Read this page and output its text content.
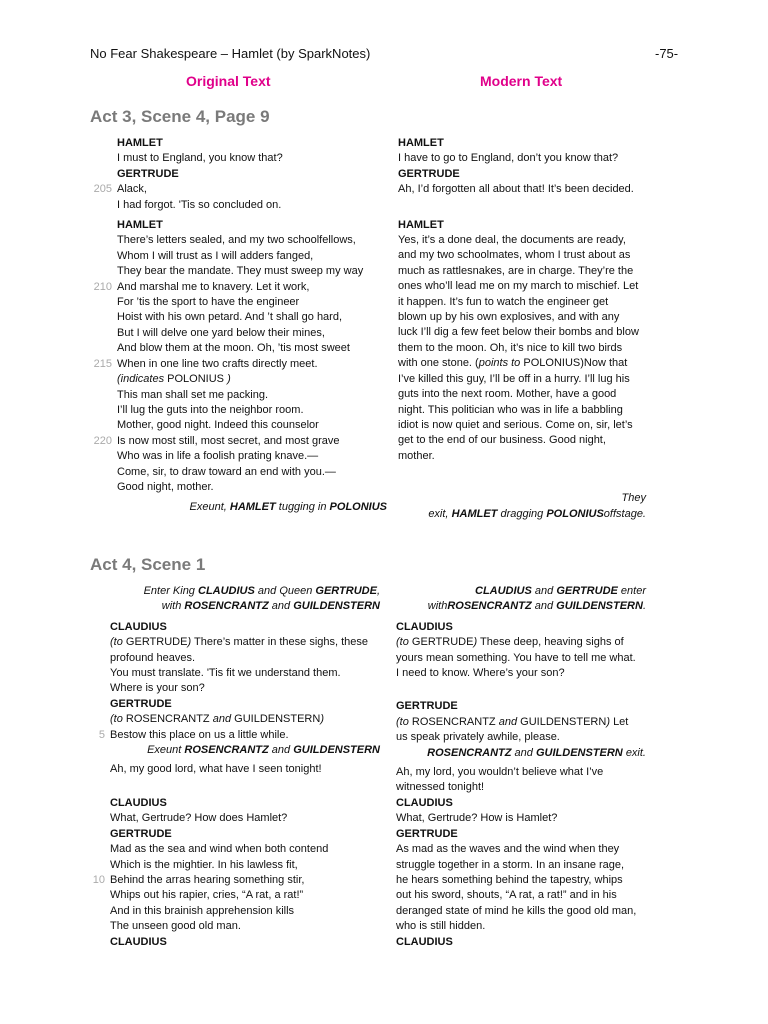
No Fear Shakespeare – Hamlet (by SparkNotes)	-75-
Original Text	Modern Text
Act 3, Scene 4, Page 9
HAMLET
I must to England, you know that?
GERTRUDE
205 Alack,
I had forgot. 'Tis so concluded on.
HAMLET
There’s letters sealed, and my two schoolfellows,
Whom I will trust as I will adders fanged,
They bear the mandate. They must sweep my way
210 And marshal me to knavery. Let it work,
For ’tis the sport to have the engineer
Hoist with his own petard. And ’t shall go hard,
But I will delve one yard below their mines,
And blow them at the moon. Oh, ’tis most sweet
215 When in one line two crafts directly meet.
(indicates POLONIUS )
This man shall set me packing.
I’ll lug the guts into the neighbor room.
Mother, good night. Indeed this counselor
220 Is now most still, most secret, and most grave
Who was in life a foolish prating knave.—
Come, sir, to draw toward an end with you.—
Good night, mother.
Exeunt, HAMLET tugging in POLONIUS
HAMLET
I have to go to England, don’t you know that?
GERTRUDE
Ah, I’d forgotten all about that! It’s been decided.
HAMLET
Yes, it’s a done deal, the documents are ready,
and my two schoolmates, whom I trust about as
much as rattlesnakes, are in charge. They’re the
ones who’ll lead me on my march to mischief. Let
it happen. It’s fun to watch the engineer get
blown up by his own explosives, and with any
luck I’ll dig a few feet below their bombs and blow
them to the moon. Oh, it’s nice to kill two birds
with one stone. (points to POLONIUS)Now that
I’ve killed this guy, I’ll be off in a hurry. I’ll lug his
guts into the next room. Mother, have a good
night. This politician who was in life a babbling
idiot is now quiet and serious. Come on, sir, let’s
get to the end of our business. Good night,
mother.
They
exit, HAMLET dragging POLONIUSoffstage.
Act 4, Scene 1
Enter King CLAUDIUS and Queen GERTRUDE,
with ROSENCRANTZ and GUILDENSTERN
CLAUDIUS
(to GERTRUDE) There’s matter in these sighs, these
profound heaves.
You must translate. 'Tis fit we understand them.
Where is your son?
GERTRUDE
(to ROSENCRANTZ and GUILDENSTERN)
5 Bestow this place on us a little while.
Exeunt ROSENCRANTZ and GUILDENSTERN
Ah, my good lord, what have I seen tonight!
CLAUDIUS
What, Gertrude? How does Hamlet?
GERTRUDE
Mad as the sea and wind when both contend
Which is the mightier. In his lawless fit,
10 Behind the arras hearing something stir,
Whips out his rapier, cries, “A rat, a rat!”
And in this brainish apprehension kills
The unseen good old man.
CLAUDIUS
CLAUDIUS and GERTRUDE enter
withROSENCRANTZ and GUILDENSTERN.
CLAUDIUS
(to GERTRUDE) These deep, heaving sighs of
yours mean something. You have to tell me what.
I need to know. Where’s your son?
GERTRUDE
(to ROSENCRANTZ and GUILDENSTERN) Let
us speak privately awhile, please.
ROSENCRANTZ and GUILDENSTERN exit.
Ah, my lord, you wouldn’t believe what I’ve
witnessed tonight!
CLAUDIUS
What, Gertrude? How is Hamlet?
GERTRUDE
As mad as the waves and the wind when they
struggle together in a storm. In an insane rage,
he hears something behind the tapestry, whips
out his sword, shouts, “A rat, a rat!” and in his
deranged state of mind he kills the good old man,
who is still hidden.
CLAUDIUS
